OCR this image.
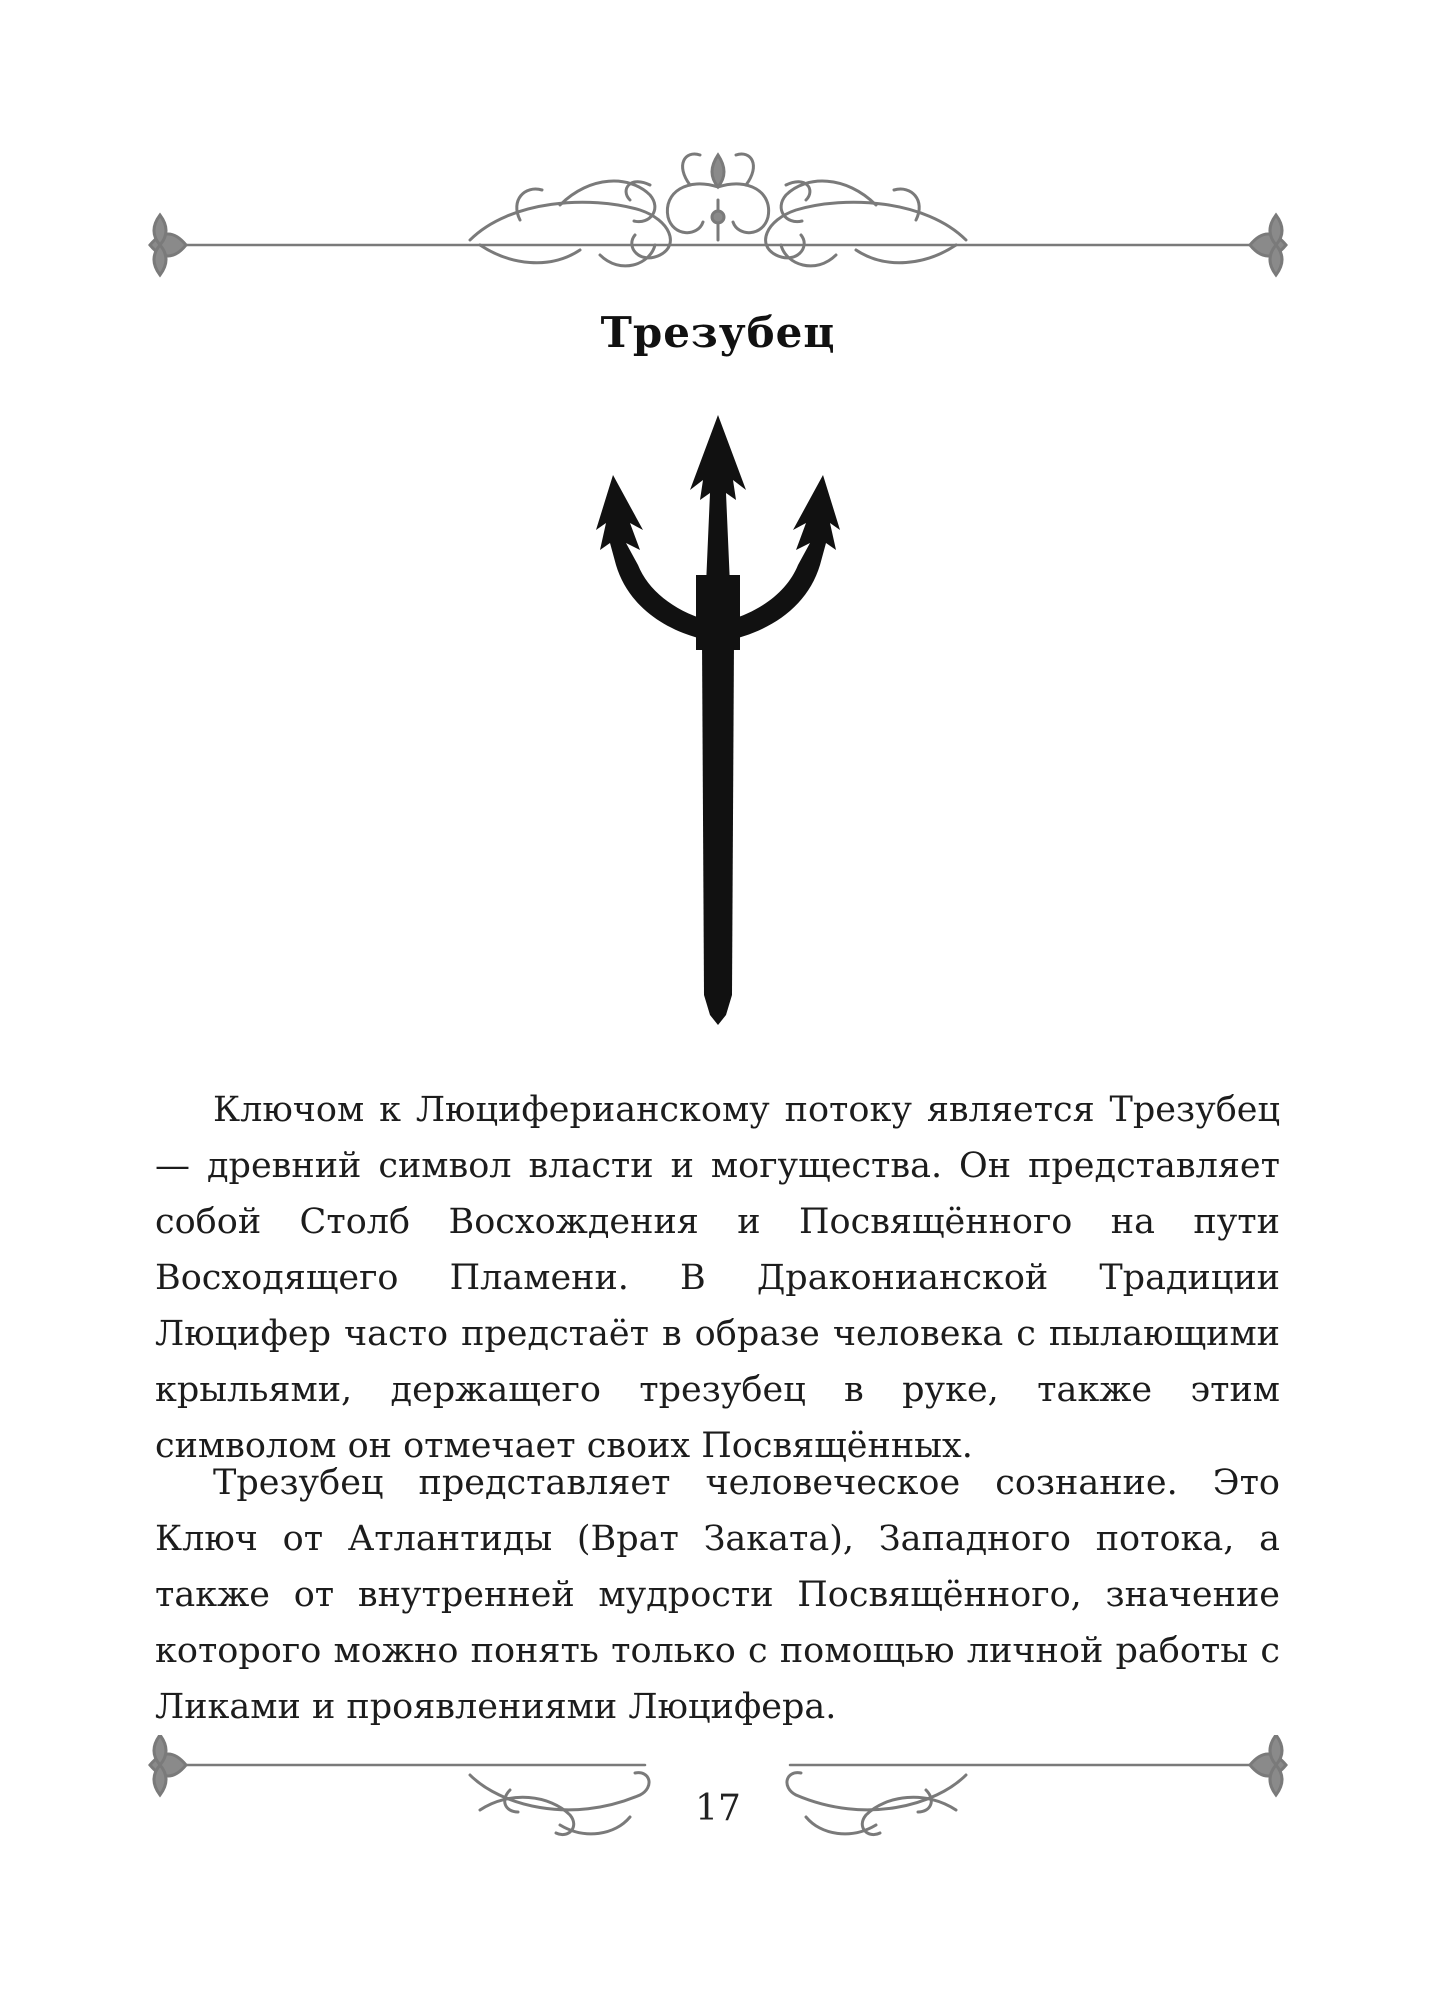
Трезубец
Ключом к Люциферианскому потоку является Трезубец — древний символ власти и могущества. Он представляет собой Столб Восхождения и Посвящённого на пути Восходящего Пламени. В Драконианской Традиции Люцифер часто предстаёт в образе человека с пылающими крыльями, держащего трезубец в руке, также этим символом он отмечает своих Посвящённых.
Трезубец представляет человеческое сознание. Это Ключ от Атлантиды (Врат Заката), Западного потока, а также от внутренней мудрости Посвящённого, значение которого можно понять только с помощью личной работы с Ликами и проявлениями Люцифера.
17
